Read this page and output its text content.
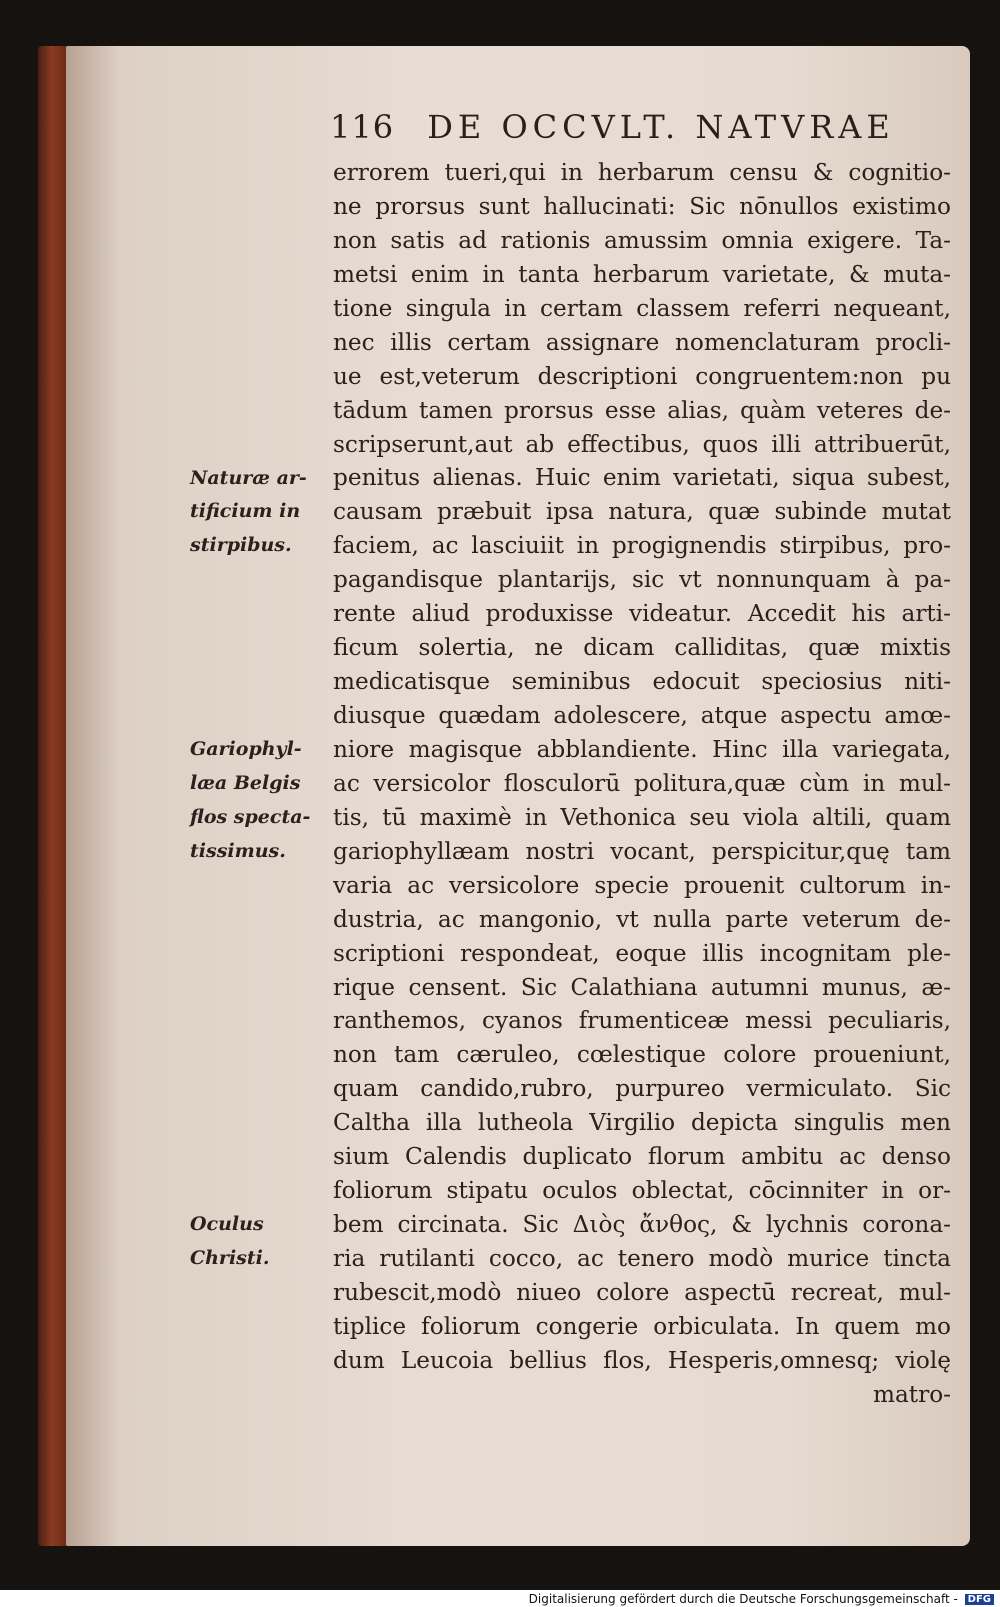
116 DE OCCVLT. NATVRAE
errorem tueri,qui in herbarum censu & cognitio-
ne prorsus sunt hallucinati: Sic nōnullos existimo
non satis ad rationis amussim omnia exigere. Ta-
metsi enim in tanta herbarum varietate, & muta-
tione singula in certam classem referri nequeant,
nec illis certam assignare nomenclaturam procli-
ue est,veterum descriptioni congruentem:non pu
tādum tamen prorsus esse alias, quàm veteres de-
scripserunt,aut ab effectibus, quos illi attribuerūt,
penitus alienas. Huic enim varietati, siqua subest,
causam præbuit ipsa natura, quæ subinde mutat
faciem, ac lasciuiit in progignendis stirpibus, pro-
pagandisque plantarijs, sic vt nonnunquam à pa-
rente aliud produxisse videatur. Accedit his arti-
ficum solertia, ne dicam calliditas, quæ mixtis
medicatisque seminibus edocuit speciosius niti-
diusque quædam adolescere, atque aspectu amœ-
niore magisque abblandiente. Hinc illa variegata,
ac versicolor flosculorū politura,quæ cùm in mul-
tis, tū maximè in Vethonica seu viola altili, quam
gariophyllæam nostri vocant, perspicitur,quę tam
varia ac versicolore specie prouenit cultorum in-
dustria, ac mangonio, vt nulla parte veterum de-
scriptioni respondeat, eoque illis incognitam ple-
rique censent. Sic Calathiana autumni munus, æ-
ranthemos, cyanos frumenticeæ messi peculiaris,
non tam cæruleo, cœlestique colore proueniunt,
quam candido,rubro, purpureo vermiculato. Sic
Caltha illa lutheola Virgilio depicta singulis men
sium Calendis duplicato florum ambitu ac denso
foliorum stipatu oculos oblectat, cōcinniter in or-
bem circinata. Sic Διὸς ἄνθος, & lychnis corona-
ria rutilanti cocco, ac tenero modò murice tincta
rubescit,modò niueo colore aspectū recreat, mul-
tiplice foliorum congerie orbiculata. In quem mo
dum Leucoia bellius flos, Hesperis,omnesq; violę
matro-
Naturæ ar-
tificium in
stirpibus.
Gariophyl-
læa Belgis
flos specta-
tissimus.
Oculus
Christi.
Digitalisierung gefördert durch die Deutsche Forschungsgemeinschaft - DFG
